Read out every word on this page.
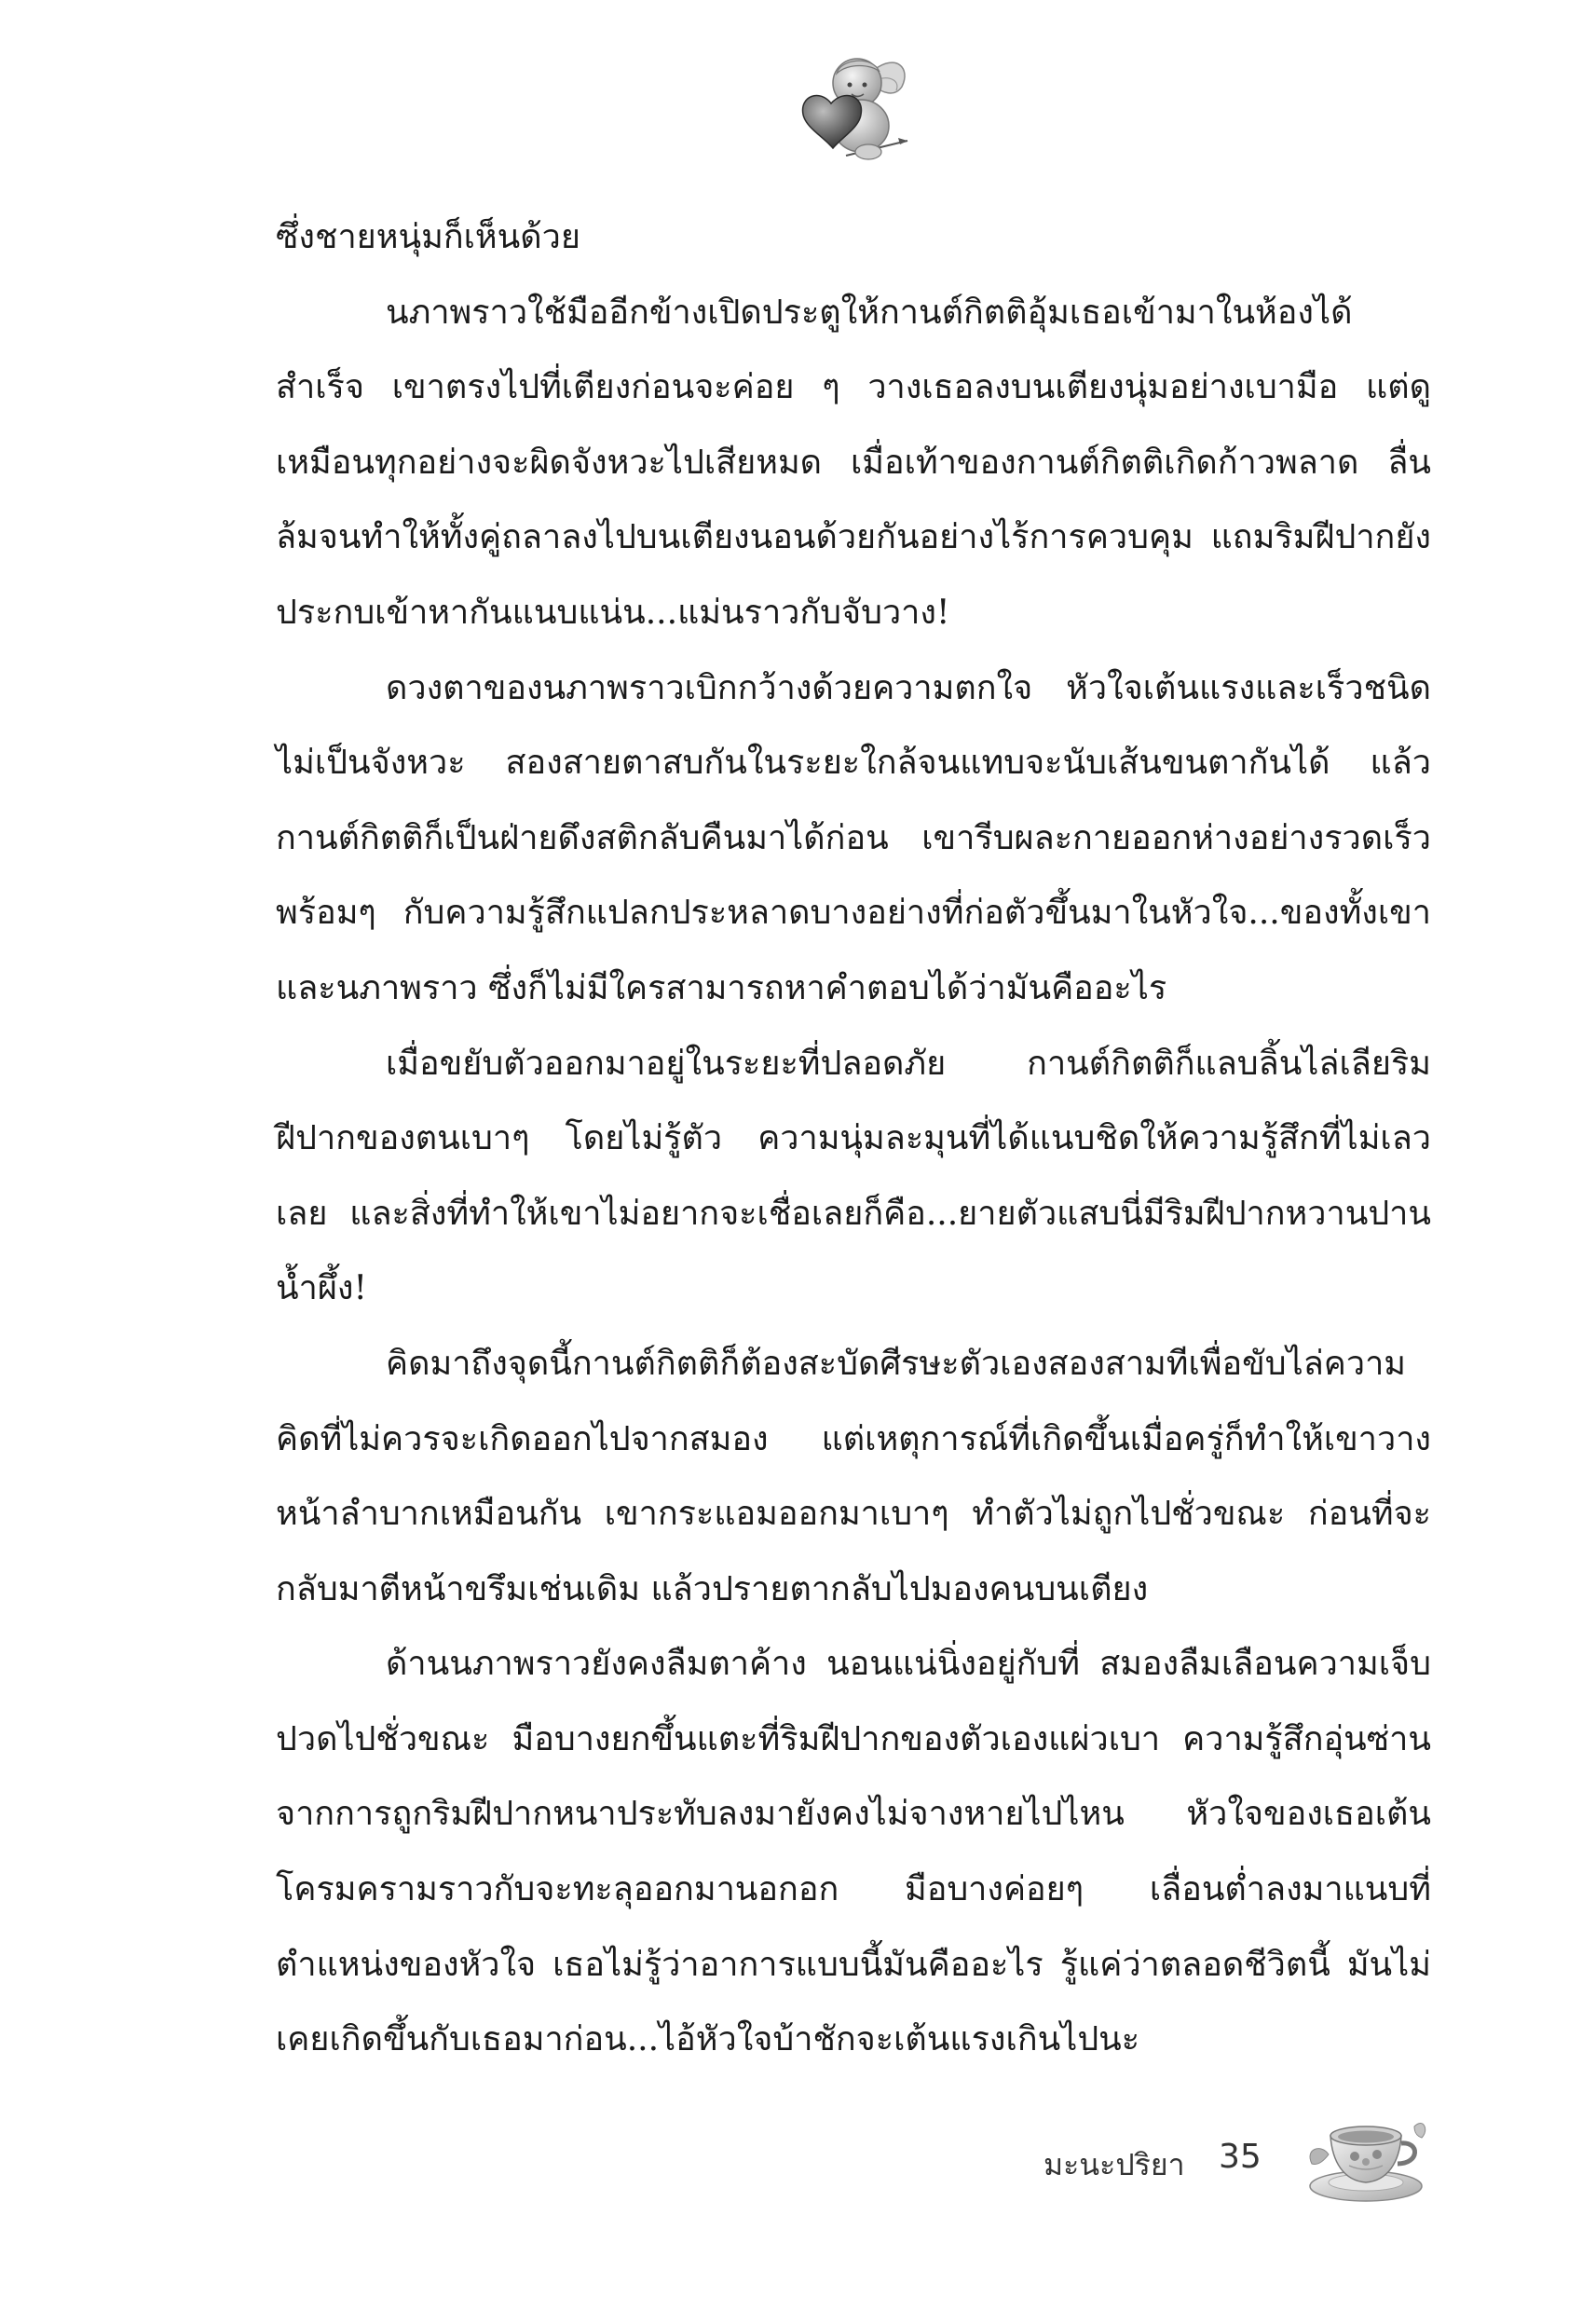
ซึ่งชายหนุ่มก็เห็นด้วย

นภาพราวใช้มืออีกข้างเปิดประตูให้กานต์กิตติอุ้มเธอเข้ามาในห้องได้สำเร็จ เขาตรงไปที่เตียงก่อนจะค่อย ๆ วางเธอลงบนเตียงนุ่มอย่างเบามือ แต่ดูเหมือนทุกอย่างจะผิดจังหวะไปเสียหมด เมื่อเท้าของกานต์กิตติเกิดก้าวพลาด ลื่นล้มจนทำให้ทั้งคู่ถลาลงไปบนเตียงนอนด้วยกันอย่างไร้การควบคุม แถมริมฝีปากยังประกบเข้าหากันแนบแน่น...แม่นราวกับจับวาง!

ดวงตาของนภาพราวเบิกกว้างด้วยความตกใจ หัวใจเต้นแรงและเร็วชนิดไม่เป็นจังหวะ สองสายตาสบกันในระยะใกล้จนแทบจะนับเส้นขนตากันได้ แล้วกานต์กิตติก็เป็นฝ่ายดึงสติกลับคืนมาได้ก่อน เขารีบผละกายออกห่างอย่างรวดเร็ว พร้อมๆ กับความรู้สึกแปลกประหลาดบางอย่างที่ก่อตัวขึ้นมาในหัวใจ...ของทั้งเขาและนภาพราว ซึ่งก็ไม่มีใครสามารถหาคำตอบได้ว่ามันคืออะไร

เมื่อขยับตัวออกมาอยู่ในระยะที่ปลอดภัย กานต์กิตติก็แลบลิ้นไล่เลียริมฝีปากของตนเบาๆ โดยไม่รู้ตัว ความนุ่มละมุนที่ได้แนบชิดให้ความรู้สึกที่ไม่เลวเลย และสิ่งที่ทำให้เขาไม่อยากจะเชื่อเลยก็คือ...ยายตัวแสบนี่มีริมฝีปากหวานปานน้ำผึ้ง!

คิดมาถึงจุดนี้กานต์กิตติก็ต้องสะบัดศีรษะตัวเองสองสามทีเพื่อขับไล่ความคิดที่ไม่ควรจะเกิดออกไปจากสมอง แต่เหตุการณ์ที่เกิดขึ้นเมื่อครู่ก็ทำให้เขาวางหน้าลำบากเหมือนกัน เขากระแอมออกมาเบาๆ ทำตัวไม่ถูกไปชั่วขณะ ก่อนที่จะกลับมาตีหน้าขรึมเช่นเดิม แล้วปรายตากลับไปมองคนบนเตียง

ด้านนภาพราวยังคงลืมตาค้าง นอนแน่นิ่งอยู่กับที่ สมองลืมเลือนความเจ็บปวดไปชั่วขณะ มือบางยกขึ้นแตะที่ริมฝีปากของตัวเองแผ่วเบา ความรู้สึกอุ่นซ่านจากการถูกริมฝีปากหนาประทับลงมายังคงไม่จางหายไปไหน หัวใจของเธอเต้นโครมครามราวกับจะทะลุออกมานอกอก มือบางค่อยๆ เลื่อนต่ำลงมาแนบที่ตำแหน่งของหัวใจ เธอไม่รู้ว่าอาการแบบนี้มันคืออะไร รู้แค่ว่าตลอดชีวิตนี้ มันไม่เคยเกิดขึ้นกับเธอมาก่อน...ไอ้หัวใจบ้าชักจะเต้นแรงเกินไปนะ

มะนะปริยา 35
